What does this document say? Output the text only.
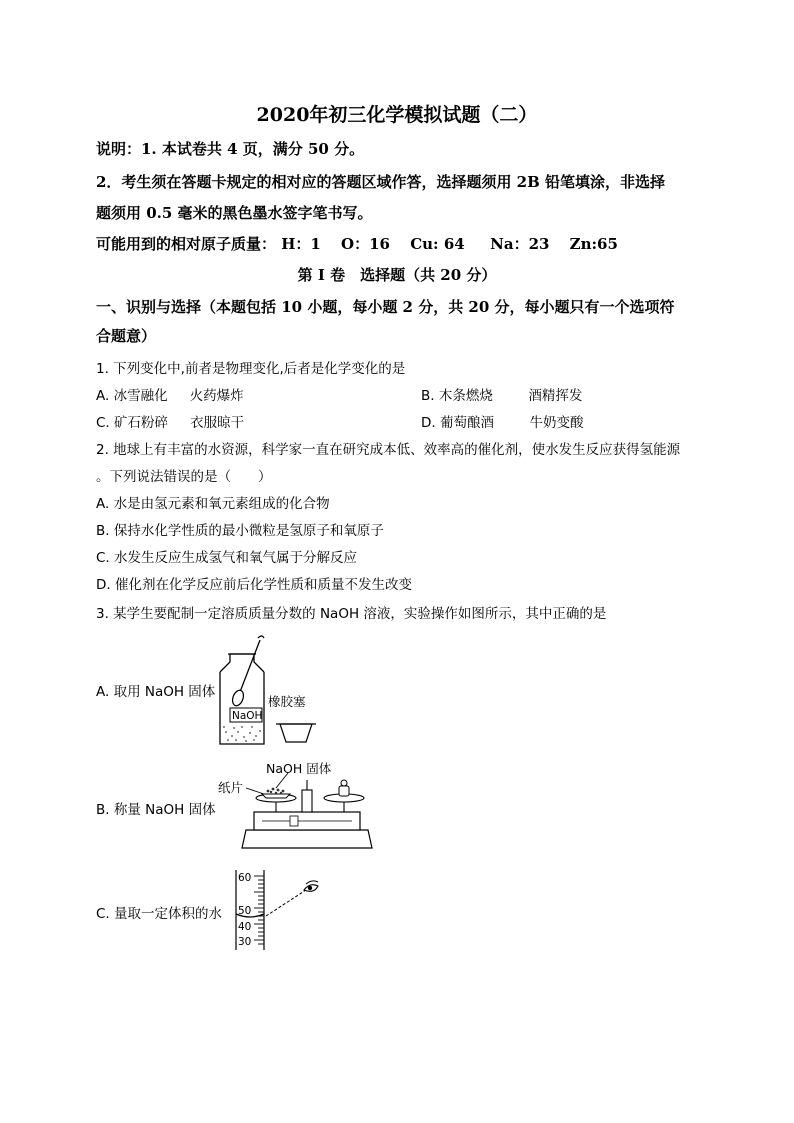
2020年初三化学模拟试题（二）
说明：1. 本试卷共 4 页，满分 50 分。
2．考生须在答题卡规定的相对应的答题区域作答，选择题须用 2B 铅笔填涂，非选择
题须用 0.5 毫米的黑色墨水签字笔书写。
可能用到的相对原子质量： H：1 　O：16 　Cu: 64 　 Na：23 　Zn:65
第 I 卷　选择题（共 20 分）
一、识别与选择（本题包括 10 小题，每小题 2 分，共 20 分，每小题只有一个选项符
合题意）
1. 下列变化中,前者是物理变化,后者是化学变化的是
A. 冰雪融化 　 火药爆炸	B. 木条燃烧 　　 酒精挥发
C. 矿石粉碎 　 衣服晾干	D. 葡萄酿酒 　　 牛奶变酸
2. 地球上有丰富的水资源，科学家一直在研究成本低、效率高的催化剂，使水发生反应获得氢能源
。下列说法错误的是（　　）
A. 水是由氢元素和氧元素组成的化合物
B. 保持水化学性质的最小微粒是氢原子和氧原子
C. 水发生反应生成氢气和氧气属于分解反应
D. 催化剂在化学反应前后化学性质和质量不发生改变
3. 某学生要配制一定溶质质量分数的 NaOH 溶液，实验操作如图所示，其中正确的是
A. 取用 NaOH 固体
B. 称量 NaOH 固体
C. 量取一定体积的水
NaOH
橡胶塞
NaOH 固体
纸片
60
50
40
30
